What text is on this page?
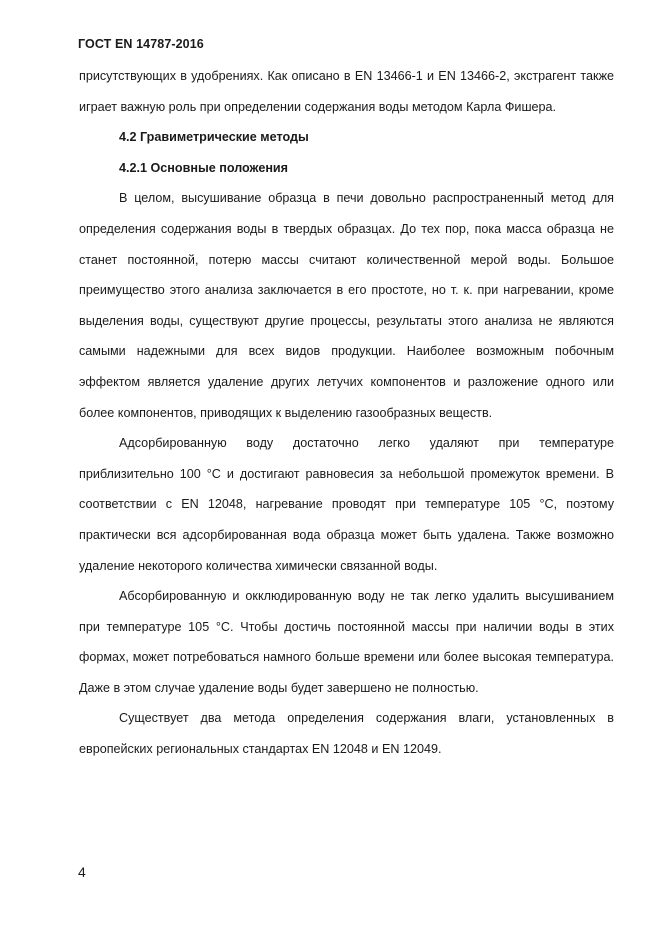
ГОСТ EN 14787-2016

присутствующих в удобрениях. Как описано в EN 13466-1 и EN 13466-2, экстрагент также играет важную роль при определении содержания воды методом Карла Фишера.

4.2 Гравиметрические методы

4.2.1 Основные положения

В целом, высушивание образца в печи довольно распространенный метод для определения содержания воды в твердых образцах. До тех пор, пока масса образца не станет постоянной, потерю массы считают количественной мерой воды. Большое преимущество этого анализа заключается в его простоте, но т. к. при нагревании, кроме выделения воды, существуют другие процессы, результаты этого анализа не являются самыми надежными для всех видов продукции. Наиболее возможным побочным эффектом является удаление других летучих компонентов и разложение одного или более компонентов, приводящих к выделению газообразных веществ.

Адсорбированную воду достаточно легко удаляют при температуре приблизительно 100 °С и достигают равновесия за небольшой промежуток времени. В соответствии с EN 12048, нагревание проводят при температуре 105 °С, поэтому практически вся адсорбированная вода образца может быть удалена. Также возможно удаление некоторого количества химически связанной воды.

Абсорбированную и окклюдированную воду не так легко удалить высушиванием при температуре 105 °С. Чтобы достичь постоянной массы при наличии воды в этих формах, может потребоваться намного больше времени или более высокая температура. Даже в этом случае удаление воды будет завершено не полностью.

Существует два метода определения содержания влаги, установленных в европейских региональных стандартах EN 12048 и EN 12049.

4
